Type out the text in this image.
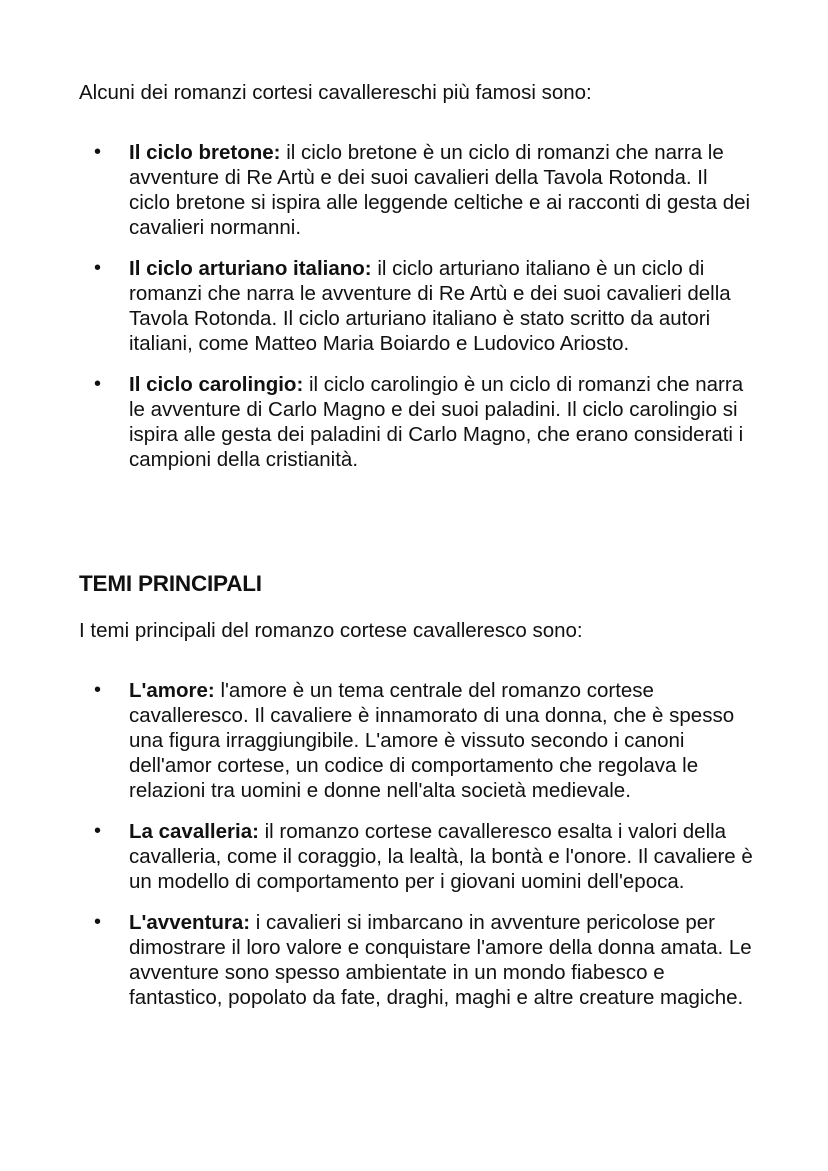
Alcuni dei romanzi cortesi cavallereschi più famosi sono:

• Il ciclo bretone: il ciclo bretone è un ciclo di romanzi che narra le avventure di Re Artù e dei suoi cavalieri della Tavola Rotonda. Il ciclo bretone si ispira alle leggende celtiche e ai racconti di gesta dei cavalieri normanni.
• Il ciclo arturiano italiano: il ciclo arturiano italiano è un ciclo di romanzi che narra le avventure di Re Artù e dei suoi cavalieri della Tavola Rotonda. Il ciclo arturiano italiano è stato scritto da autori italiani, come Matteo Maria Boiardo e Ludovico Ariosto.
• Il ciclo carolingio: il ciclo carolingio è un ciclo di romanzi che narra le avventure di Carlo Magno e dei suoi paladini. Il ciclo carolingio si ispira alle gesta dei paladini di Carlo Magno, che erano considerati i campioni della cristianità.
TEMI PRINCIPALI

I temi principali del romanzo cortese cavalleresco sono:

• L'amore: l'amore è un tema centrale del romanzo cortese cavalleresco. Il cavaliere è innamorato di una donna, che è spesso una figura irraggiungibile. L'amore è vissuto secondo i canoni dell'amor cortese, un codice di comportamento che regolava le relazioni tra uomini e donne nell'alta società medievale.
• La cavalleria: il romanzo cortese cavalleresco esalta i valori della cavalleria, come il coraggio, la lealtà, la bontà e l'onore. Il cavaliere è un modello di comportamento per i giovani uomini dell'epoca.
• L'avventura: i cavalieri si imbarcano in avventure pericolose per dimostrare il loro valore e conquistare l'amore della donna amata. Le avventure sono spesso ambientate in un mondo fiabesco e fantastico, popolato da fate, draghi, maghi e altre creature magiche.
